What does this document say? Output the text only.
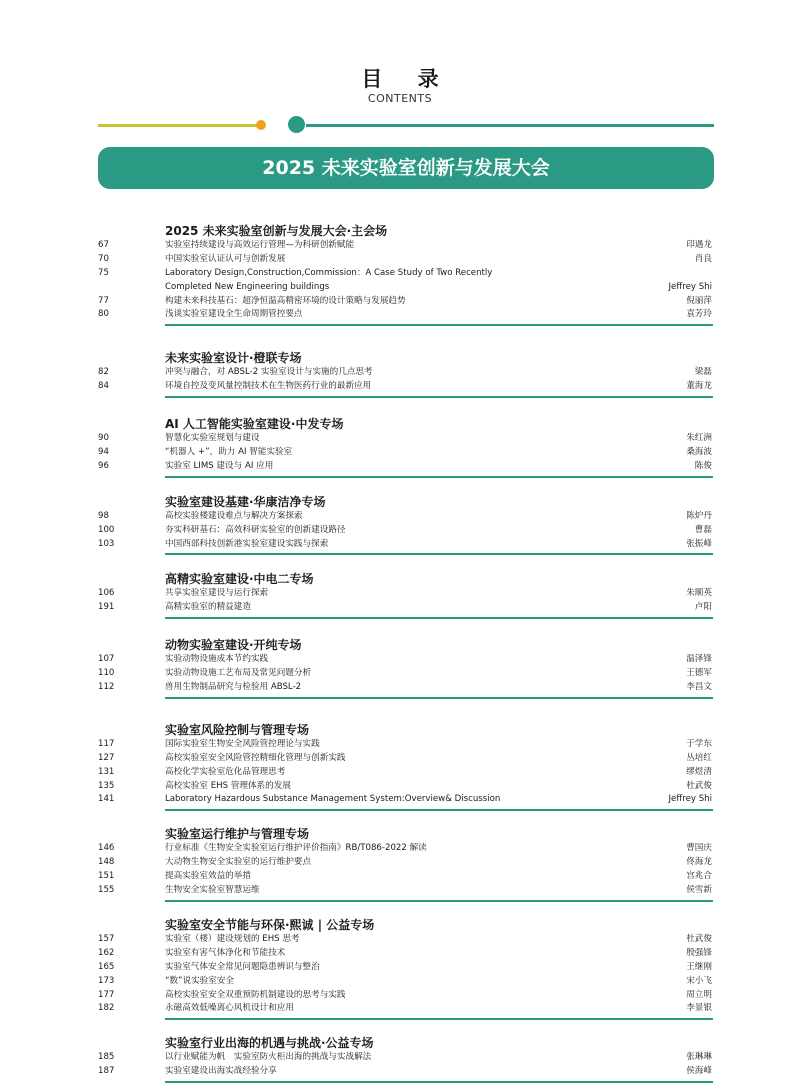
目 录
CONTENTS
2025 未来实验室创新与发展大会
2025 未来实验室创新与发展大会·主会场
67	实验室持续建设与高效运行管理—为科研创新赋能	印遇龙
70	中国实验室认证认可与创新发展	肖良
75	Laboratory Design,Construction,Commission：A Case Study of Two Recently
Completed New Engineering buildings	Jeffrey Shi
77	构建未来科技基石：超净恒温高精密环境的设计策略与发展趋势	倪丽萍
80	浅谈实验室建设全生命周期管控要点	袁芳玲
未来实验室设计·橙联专场
82	冲突与融合，对 ABSL-2 实验室设计与实施的几点思考	梁磊
84	环境自控及变风量控制技术在生物医药行业的最新应用	董海龙
AI 人工智能实验室建设·中发专场
90	智慧化实验室规划与建设	朱红洲
94	“机器人 +”，助力 AI 智能实验室	桑海波
96	实验室 LIMS 建设与 AI 应用	陈俊
实验室建设基建·华康洁净专场
98	高校实验楼建设难点与解决方案探索	陈炉丹
100	夯实科研基石：高效科研实验室的创新建设路径	曹磊
103	中国西部科技创新港实验室建设实践与探索	张振峰
高精实验室建设·中电二专场
106	共享实验室建设与运行探索	朱顺英
191	高精实验室的精益建造	卢阳
动物实验室建设·开纯专场
107	实验动物设施成本节约实践	温泽锋
110	实验动物设施工艺布局及常见问题分析	王德军
112	兽用生物制品研究与检验用 ABSL-2	李昌文
实验室风险控制与管理专场
117	国际实验室生物安全风险管控理论与实践	于学东
127	高校实验室安全风险管控精细化管理与创新实践	丛培红
131	高校化学实验室危化品管理思考	缪煜清
135	高校实验室 EHS 管理体系的发展	杜武俊
141	Laboratory Hazardous Substance Management System:Overview& Discussion	Jeffrey Shi
实验室运行维护与管理专场
146	行业标准《生物安全实验室运行维护评价指南》RB/T086-2022 解读	曹国庆
148	大动物生物安全实验室的运行维护要点	佟海龙
151	提高实验室效益的举措	宫兆合
155	生物安全实验室智慧运维	侯雪新
实验室安全节能与环保·熙诚 | 公益专场
157	实验室（楼）建设规划的 EHS 思考	杜武俊
162	实验室有害气体净化和节能技术	殷强锋
165	实验室气体安全常见问题隐患辨识与整治	王继刚
173	“数”说实验室安全	宋小飞
177	高校实验室安全双重预防机制建设的思考与实践	周立明
182	永磁高效低噪离心风机设计和应用	李景银
实验室行业出海的机遇与挑战·公益专场
185	以行业赋能为帆　实验室防火柜出海的挑战与实战解法	张琳琳
187	实验室建设出海实战经验分享	侯海峰
